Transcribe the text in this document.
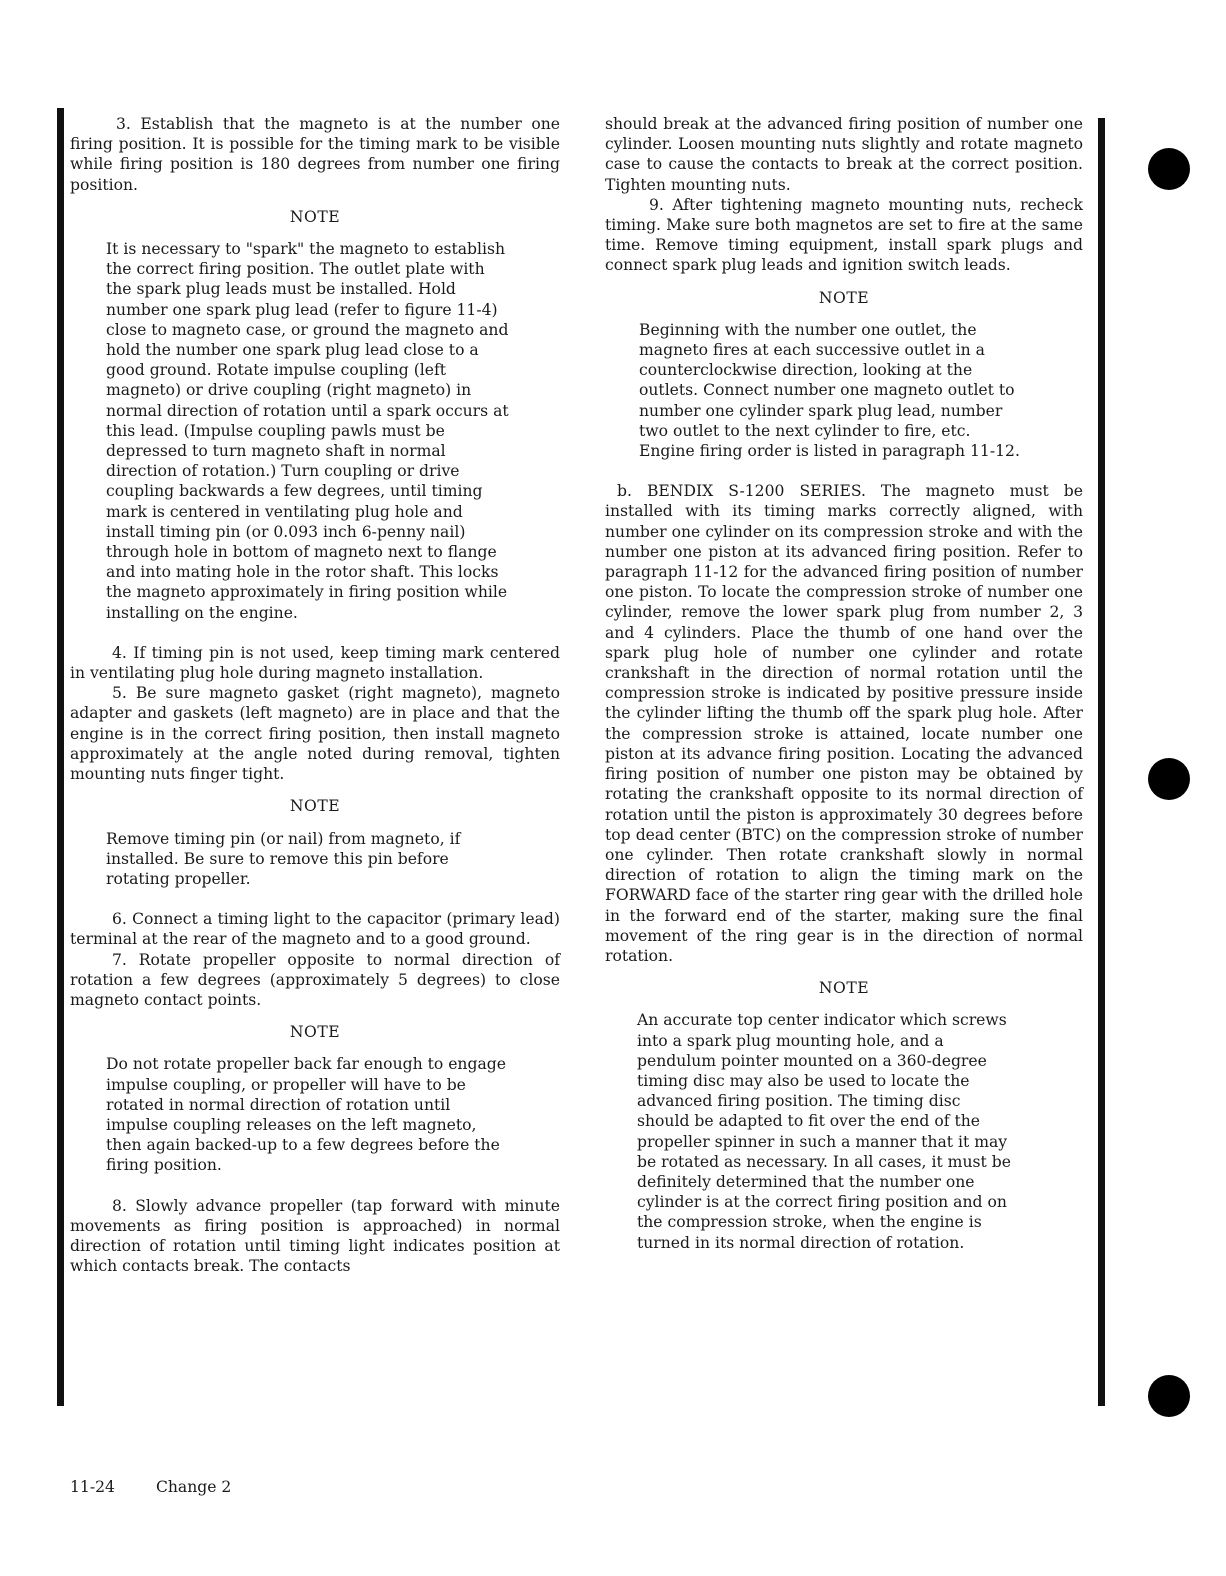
3. Establish that the magneto is at the number one firing position. It is possible for the timing mark to be visible while firing position is 180 degrees from number one firing position.

NOTE

It is necessary to "spark" the magneto to establish the correct firing position. The outlet plate with the spark plug leads must be installed. Hold number one spark plug lead (refer to figure 11-4) close to magneto case, or ground the magneto and hold the number one spark plug lead close to a good ground. Rotate impulse coupling (left magneto) or drive coupling (right magneto) in normal direction of rotation until a spark occurs at this lead. (Impulse coupling pawls must be depressed to turn magneto shaft in normal direction of rotation.) Turn coupling or drive coupling backwards a few degrees, until timing mark is centered in ventilating plug hole and install timing pin (or 0.093 inch 6-penny nail) through hole in bottom of magneto next to flange and into mating hole in the rotor shaft. This locks the magneto approximately in firing position while installing on the engine.

4. If timing pin is not used, keep timing mark centered in ventilating plug hole during magneto installation.

5. Be sure magneto gasket (right magneto), magneto adapter and gaskets (left magneto) are in place and that the engine is in the correct firing position, then install magneto approximately at the angle noted during removal, tighten mounting nuts finger tight.

NOTE

Remove timing pin (or nail) from magneto, if installed. Be sure to remove this pin before rotating propeller.

6. Connect a timing light to the capacitor (primary lead) terminal at the rear of the magneto and to a good ground.

7. Rotate propeller opposite to normal direction of rotation a few degrees (approximately 5 degrees) to close magneto contact points.

NOTE

Do not rotate propeller back far enough to engage impulse coupling, or propeller will have to be rotated in normal direction of rotation until impulse coupling releases on the left magneto, then again backed-up to a few degrees before the firing position.

8. Slowly advance propeller (tap forward with minute movements as firing position is approached) in normal direction of rotation until timing light indicates position at which contacts break. The contacts

should break at the advanced firing position of number one cylinder. Loosen mounting nuts slightly and rotate magneto case to cause the contacts to break at the correct position. Tighten mounting nuts.

9. After tightening magneto mounting nuts, recheck timing. Make sure both magnetos are set to fire at the same time. Remove timing equipment, install spark plugs and connect spark plug leads and ignition switch leads.

NOTE

Beginning with the number one outlet, the magneto fires at each successive outlet in a counterclockwise direction, looking at the outlets. Connect number one magneto outlet to number one cylinder spark plug lead, number two outlet to the next cylinder to fire, etc. Engine firing order is listed in paragraph 11-12.

b. BENDIX S-1200 SERIES. The magneto must be installed with its timing marks correctly aligned, with number one cylinder on its compression stroke and with the number one piston at its advanced firing position. Refer to paragraph 11-12 for the advanced firing position of number one piston. To locate the compression stroke of number one cylinder, remove the lower spark plug from number 2, 3 and 4 cylinders. Place the thumb of one hand over the spark plug hole of number one cylinder and rotate crankshaft in the direction of normal rotation until the compression stroke is indicated by positive pressure inside the cylinder lifting the thumb off the spark plug hole. After the compression stroke is attained, locate number one piston at its advance firing position. Locating the advanced firing position of number one piston may be obtained by rotating the crankshaft opposite to its normal direction of rotation until the piston is approximately 30 degrees before top dead center (BTC) on the compression stroke of number one cylinder. Then rotate crankshaft slowly in normal direction of rotation to align the timing mark on the FORWARD face of the starter ring gear with the drilled hole in the forward end of the starter, making sure the final movement of the ring gear is in the direction of normal rotation.

NOTE

An accurate top center indicator which screws into a spark plug mounting hole, and a pendulum pointer mounted on a 360-degree timing disc may also be used to locate the advanced firing position. The timing disc should be adapted to fit over the end of the propeller spinner in such a manner that it may be rotated as necessary. In all cases, it must be definitely determined that the number one cylinder is at the correct firing position and on the compression stroke, when the engine is turned in its normal direction of rotation.

11-24	Change 2
